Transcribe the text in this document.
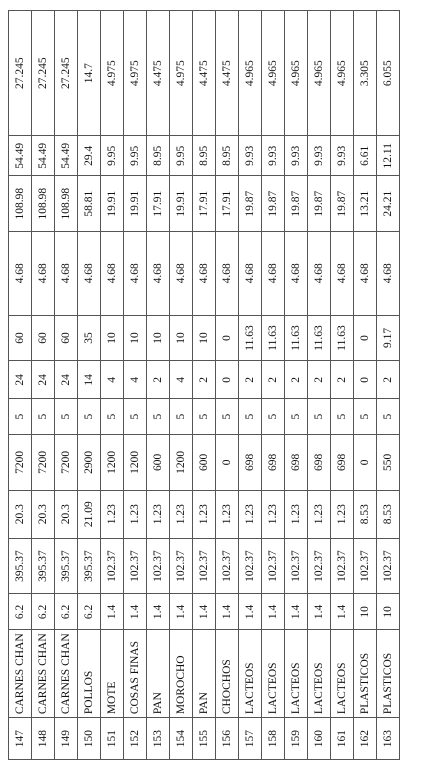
147	CARNES CHAN	6.2	395.37	20.3	7200	5	24	60	4.68	108.98	54.49	27.245
148	CARNES CHAN	6.2	395.37	20.3	7200	5	24	60	4.68	108.98	54.49	27.245
149	CARNES CHAN	6.2	395.37	20.3	7200	5	24	60	4.68	108.98	54.49	27.245
150	POLLOS	6.2	395.37	21.09	2900	5	14	35	4.68	58.81	29.4	14.7
151	MOTE	1.4	102.37	1.23	1200	5	4	10	4.68	19.91	9.95	4.975
152	COSAS FINAS	1.4	102.37	1.23	1200	5	4	10	4.68	19.91	9.95	4.975
153	PAN	1.4	102.37	1.23	600	5	2	10	4.68	17.91	8.95	4.475
154	MOROCHO	1.4	102.37	1.23	1200	5	4	10	4.68	19.91	9.95	4.975
155	PAN	1.4	102.37	1.23	600	5	2	10	4.68	17.91	8.95	4.475
156	CHOCHOS	1.4	102.37	1.23	0	5	0	0	4.68	17.91	8.95	4.475
157	LACTEOS	1.4	102.37	1.23	698	5	2	11.63	4.68	19.87	9.93	4.965
158	LACTEOS	1.4	102.37	1.23	698	5	2	11.63	4.68	19.87	9.93	4.965
159	LACTEOS	1.4	102.37	1.23	698	5	2	11.63	4.68	19.87	9.93	4.965
160	LACTEOS	1.4	102.37	1.23	698	5	2	11.63	4.68	19.87	9.93	4.965
161	LACTEOS	1.4	102.37	1.23	698	5	2	11.63	4.68	19.87	9.93	4.965
162	PLASTICOS	10	102.37	8.53	0	5	0	0	4.68	13.21	6.61	3.305
163	PLASTICOS	10	102.37	8.53	550	5	2	9.17	4.68	24.21	12.11	6.055
